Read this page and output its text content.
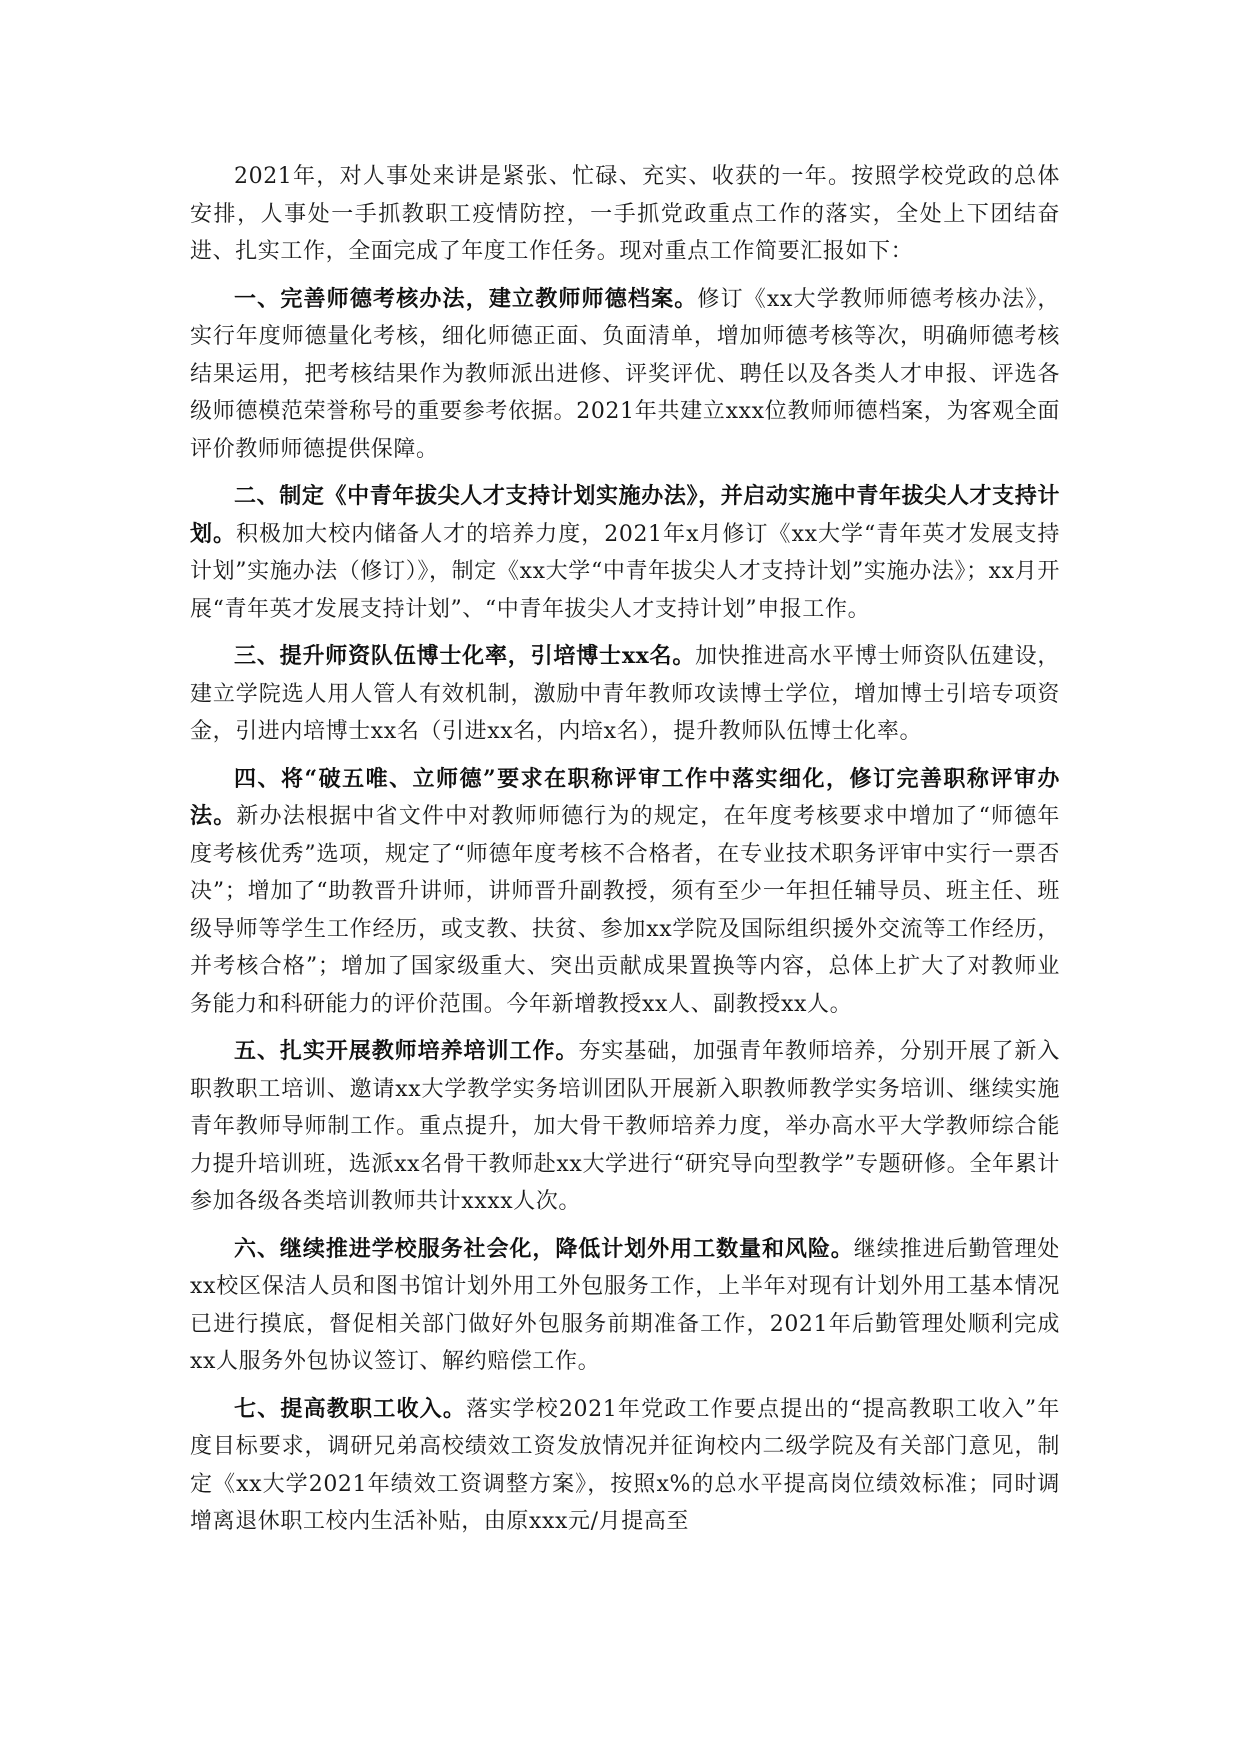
2021年，对人事处来讲是紧张、忙碌、充实、收获的一年。按照学校党政的总体安排，人事处一手抓教职工疫情防控，一手抓党政重点工作的落实，全处上下团结奋进、扎实工作，全面完成了年度工作任务。现对重点工作简要汇报如下：

一、完善师德考核办法，建立教师师德档案。修订《xx大学教师师德考核办法》，实行年度师德量化考核，细化师德正面、负面清单，增加师德考核等次，明确师德考核结果运用，把考核结果作为教师派出进修、评奖评优、聘任以及各类人才申报、评选各级师德模范荣誉称号的重要参考依据。2021年共建立xxx位教师师德档案，为客观全面评价教师师德提供保障。

二、制定《中青年拔尖人才支持计划实施办法》，并启动实施中青年拔尖人才支持计划。积极加大校内储备人才的培养力度，2021年x月修订《xx大学“青年英才发展支持计划”实施办法（修订）》，制定《xx大学“中青年拔尖人才支持计划”实施办法》；xx月开展“青年英才发展支持计划”、“中青年拔尖人才支持计划”申报工作。

三、提升师资队伍博士化率，引培博士xx名。加快推进高水平博士师资队伍建设，建立学院选人用人管人有效机制，激励中青年教师攻读博士学位，增加博士引培专项资金，引进内培博士xx名（引进xx名，内培x名），提升教师队伍博士化率。

四、将“破五唯、立师德”要求在职称评审工作中落实细化，修订完善职称评审办法。新办法根据中省文件中对教师师德行为的规定，在年度考核要求中增加了“师德年度考核优秀”选项，规定了“师德年度考核不合格者，在专业技术职务评审中实行一票否决”；增加了“助教晋升讲师，讲师晋升副教授，须有至少一年担任辅导员、班主任、班级导师等学生工作经历，或支教、扶贫、参加xx学院及国际组织援外交流等工作经历，并考核合格”；增加了国家级重大、突出贡献成果置换等内容，总体上扩大了对教师业务能力和科研能力的评价范围。今年新增教授xx人、副教授xx人。

五、扎实开展教师培养培训工作。夯实基础，加强青年教师培养，分别开展了新入职教职工培训、邀请xx大学教学实务培训团队开展新入职教师教学实务培训、继续实施青年教师导师制工作。重点提升，加大骨干教师培养力度，举办高水平大学教师综合能力提升培训班，选派xx名骨干教师赴xx大学进行“研究导向型教学”专题研修。全年累计参加各级各类培训教师共计xxxx人次。

六、继续推进学校服务社会化，降低计划外用工数量和风险。继续推进后勤管理处xx校区保洁人员和图书馆计划外用工外包服务工作，上半年对现有计划外用工基本情况已进行摸底，督促相关部门做好外包服务前期准备工作，2021年后勤管理处顺利完成xx人服务外包协议签订、解约赔偿工作。

七、提高教职工收入。落实学校2021年党政工作要点提出的“提高教职工收入”年度目标要求，调研兄弟高校绩效工资发放情况并征询校内二级学院及有关部门意见，制定《xx大学2021年绩效工资调整方案》，按照x%的总水平提高岗位绩效标准；同时调增离退休职工校内生活补贴，由原xxx元/月提高至
